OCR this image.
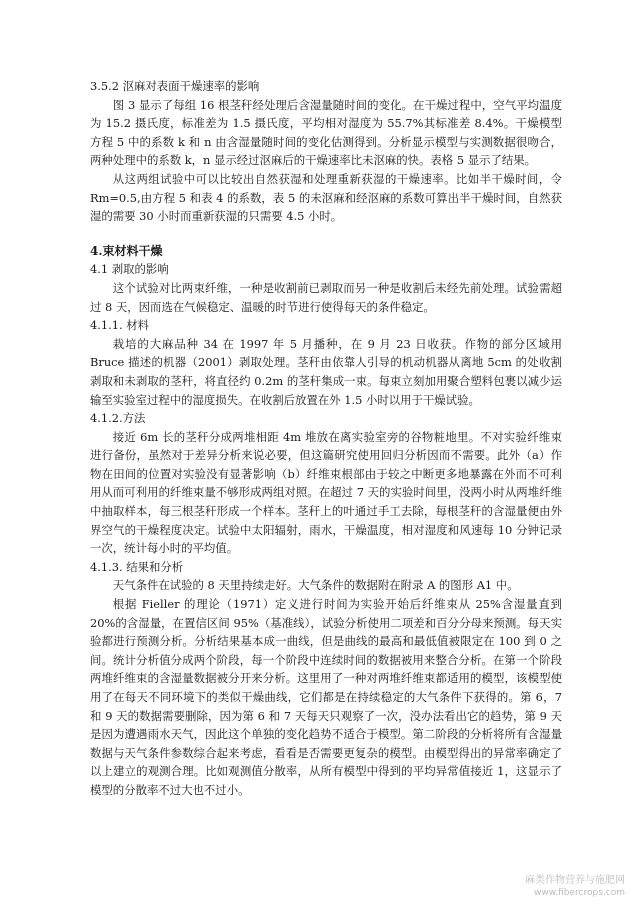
3.5.2 沤麻对表面干燥速率的影响

图 3 显示了每组 16 根茎秆经处理后含湿量随时间的变化。在干燥过程中，空气平均温度为 15.2 摄氏度，标准差为 1.5 摄氏度，平均相对湿度为 55.7%其标准差 8.4%。干燥模型方程 5 中的系数 k 和 n 由含湿量随时间的变化估测得到。分析显示模型与实测数据很吻合，两种处理中的系数 k，n 显示经过沤麻后的干燥速率比未沤麻的快。表格 5 显示了结果。

从这两组试验中可以比较出自然获湿和处理重新获湿的干燥速率。比如半干燥时间，令 Rm=0.5,由方程 5 和表 4 的系数，表 5 的未沤麻和经沤麻的系数可算出半干燥时间，自然获湿的需要 30 小时而重新获湿的只需要 4.5 小时。

4.束材料干燥

4.1 剥取的影响

这个试验对比两束纤维，一种是收割前已剥取而另一种是收割后未经先前处理。试验需超过 8 天，因而选在气候稳定、温暖的时节进行使得每天的条件稳定。

4.1.1. 材料

栽培的大麻品种 34 在 1997 年 5 月播种，在 9 月 23 日收获。作物的部分区域用 Bruce 描述的机器（2001）剥取处理。茎秆由依靠人引导的机动机器从离地 5cm 的处收割剥取和未剥取的茎秆，将直径约 0.2m 的茎秆集成一束。每束立刻加用聚合塑料包裹以减少运输至实验室过程中的湿度损失。在收割后放置在外 1.5 小时以用于干燥试验。

4.1.2.方法

接近 6m 长的茎秆分成两堆相距 4m 堆放在离实验室旁的谷物粧地里。不对实验纤维束进行备份，虽然对于差异分析来说必要，但这篇研究使用回归分析因而不需要。此外（a）作物在田间的位置对实验没有显著影响（b）纤维束根部由于较之中断更多地暴露在外而不可利用从而可利用的纤维束量不够形成两组对照。在超过 7 天的实验时间里，没两小时从两堆纤维中抽取样本，每三根茎秆形成一个样本。茎秆上的叶通过手工去除，每根茎秆的含湿量便由外界空气的干燥程度决定。试验中太阳辐射，雨水，干燥温度，相对湿度和风速每 10 分钟记录一次，统计每小时的平均值。

4.1.3. 结果和分析

天气条件在试验的 8 天里持续走好。大气条件的数据附在附录 A 的图形 A1 中。

根据 Fieller 的理论（1971）定义进行时间为实验开始后纤维束从 25%含湿量直到 20%的含湿量，在置信区间 95%（基准线），试验分析使用二项差和百分分母来预测。每天实验都进行预测分析。分析结果基本成一曲线，但是曲线的最高和最低值被限定在 100 到 0 之间。统计分析值分成两个阶段，每一个阶段中连续时间的数据被用来整合分析。在第一个阶段两堆纤维束的含湿量数据被分开来分析。这里用了一种对两堆纤维束都适用的模型，该模型使用了在每天不同环境下的类似干燥曲线，它们都是在持续稳定的大气条件下获得的。第 6，7 和 9 天的数据需要删除，因为第 6 和 7 天每天只观察了一次，没办法看出它的趋势，第 9 天是因为遭遇雨水天气，因此这个单独的变化趋势不适合于模型。第二阶段的分析将所有含湿量数据与天气条件参数综合起来考虑，看看是否需要更复杂的模型。由模型得出的异常率确定了以上建立的观测合理。比如观测值分散率，从所有模型中得到的平均异常值接近 1，这显示了模型的分散率不过大也不过小。

麻类作物营养与施肥网
www.fibercrops.com
